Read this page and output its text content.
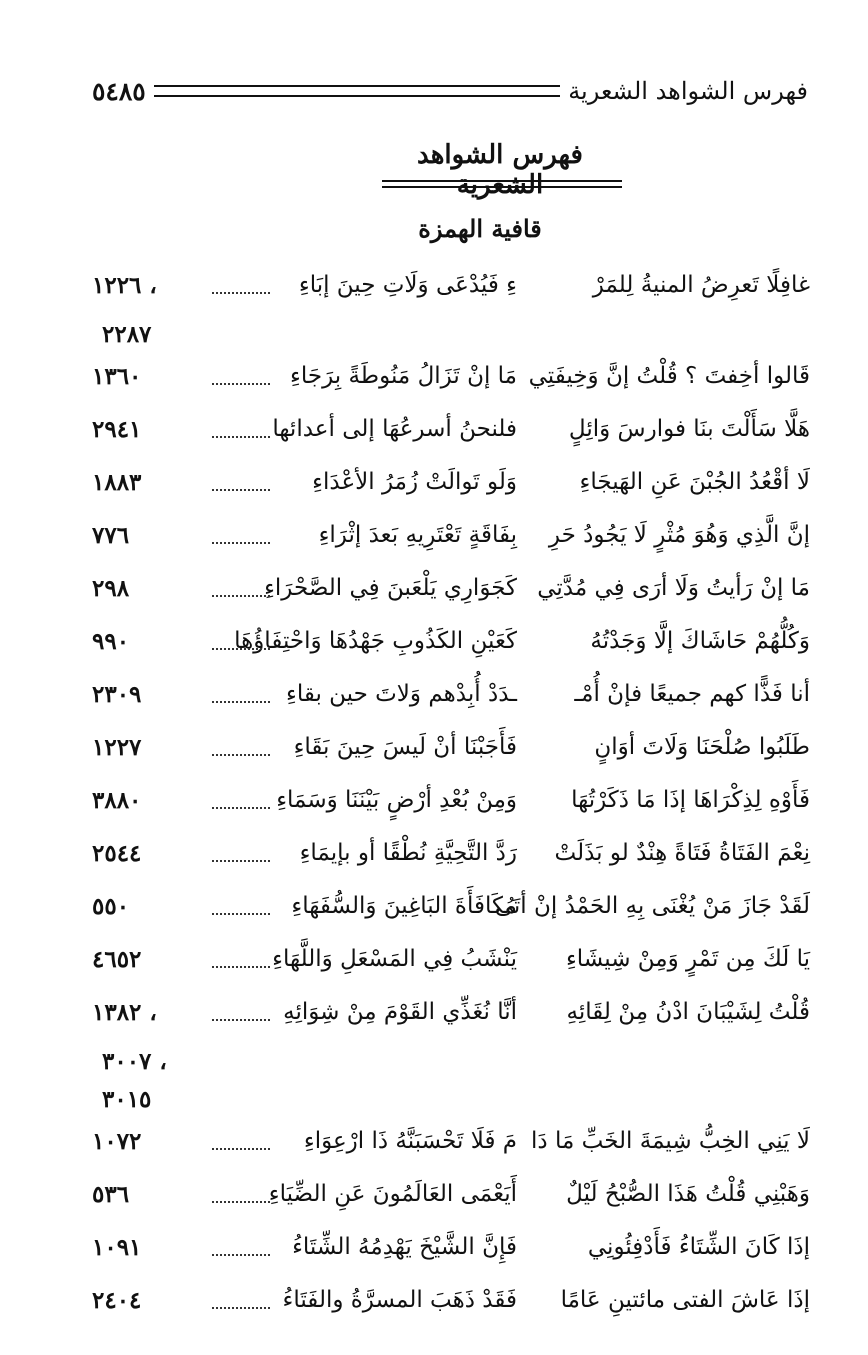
فهرس الشواهد الشعرية
٥٤٨٥
فهرس الشواهد الشعرية
قافية الهمزة
غافِلًا تَعرِضُ المنيةُ لِلمَرْ
ءِ فَيُدْعَى وَلَاتِ حِينَ إبَاءِ
١٢٢٦ ،
٢٢٨٧
قَالوا أخِفتَ ؟ قُلْتُ إنَّ وَخِيفَتِي
مَا إنْ تَزَالُ مَنُوطَةً بِرَجَاءِ
١٣٦٠
هَلَّا سَأَلْتَ بنَا فوارسَ وَائِلٍ
فلنحنُ أسرعُهَا إلى أعدائها
٢٩٤١
لَا أقْعُدُ الجُبْنَ عَنِ الهَيجَاءِ
وَلَو تَوالَتْ زُمَرُ الأعْدَاءِ
١٨٨٣
إنَّ الَّذِي وَهُوَ مُثْرٍ لَا يَجُودُ حَرِ
بِفَاقَةٍ تَعْتَرِيهِ بَعدَ إثْرَاءِ
٧٧٦
مَا إنْ رَأيتُ وَلَا أرَى فِي مُدَّتِي
كَجَوَارِي يَلْعَبنَ فِي الصَّحْرَاءِ
٢٩٨
وَكُلُّهُمْ حَاشَاكَ إلَّا وَجَدْتُهُ
كَعَيْنِ الكَذُوبِ جَهْدُهَا وَاحْتِفَاؤُهَا
٩٩٠
أنا فَذًّا كهم جميعًا فإنْ أُمْـ
ـدَدْ أُبِدْهم وَلاتَ حين بقاءِ
٢٣٠٩
طَلَبُوا صُلْحَنَا وَلَاتَ أوَانٍ
فَأَجَبْنَا أنْ لَيسَ حِينَ بَقَاءِ
١٢٢٧
فَأَوْهِ لِذِكْرَاهَا إذَا مَا ذَكَرْتُهَا
وَمِنْ بُعْدِ أرْضٍ بَيْنَنَا وَسَمَاءِ
٣٨٨٠
نِعْمَ الفَتَاةُ فَتَاةً هِنْدٌ لو بَذَلَتْ
رَدَّ التَّحِيَّةِ نُطْقًا أو بإيمَاءِ
٢٥٤٤
لَقَدْ جَازَ مَنْ يُغْنَى بِهِ الحَمْدُ إنْ أتَى
مُكَافَأَةَ البَاغِينَ وَالسُّفَهَاءِ
٥٥٠
يَا لَكَ مِن تَمْرٍ وَمِنْ شِيشَاءِ
يَنْشَبُ فِي المَسْعَلِ وَاللَّهَاءِ
٤٦٥٢
قُلْتُ لِشَيْبَانَ ادْنُ مِنْ لِقَائِهِ
أنَّا نُغَذِّي القَوْمَ مِنْ شِوَائِهِ
١٣٨٢ ،
٣٠٠٧ ،
٣٠١٥
لَا يَنِي الخِبُّ شِيمَةَ الخَبِّ مَا دَا
مَ فَلَا تَحْسَبَنَّهُ ذَا ارْعِوَاءِ
١٠٧٢
وَهَبْنِي قُلْتُ هَذَا الصُّبْحُ لَيْلٌ
أَيَعْمَى العَالَمُونَ عَنِ الضِّيَاءِ
٥٣٦
إذَا كَانَ الشِّتَاءُ فَأَدْفِئُونِي
فَإِنَّ الشَّيْخَ يَهْدِمُهُ الشِّتَاءُ
١٠٩١
إذَا عَاشَ الفتى مائتينِ عَامًا
فَقَدْ ذَهَبَ المسرَّةُ والفَتَاءُ
٢٤٠٤
